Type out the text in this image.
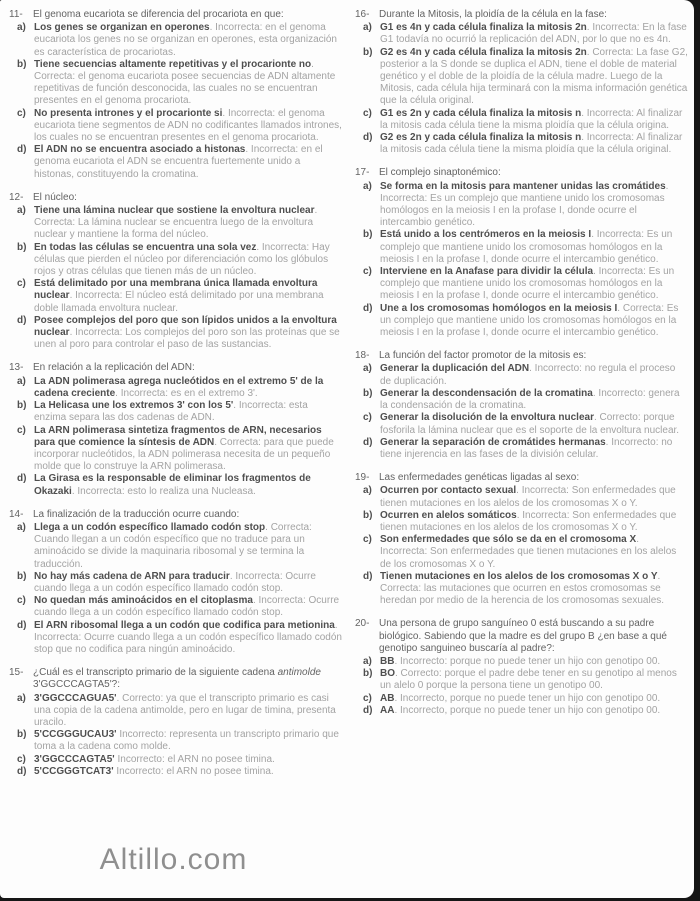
11-	El genoma eucariota se diferencia del procariota en que:
a) Los genes se organizan en operones. Incorrecta: en el genoma eucariota los genes no se organizan en operones, esta organización es característica de procariotas.
b) Tiene secuencias altamente repetitivas y el procarionte no. Correcta: el genoma eucariota posee secuencias de ADN altamente repetitivas de función desconocida, las cuales no se encuentran presentes en el genoma procariota.
c) No presenta intrones y el procarionte si. Incorrecta: el genoma eucariota tiene segmentos de ADN no codificantes llamados intrones, los cuales no se encuentran presentes en el genoma procariota.
d) El ADN no se encuentra asociado a histonas. Incorrecta: en el genoma eucariota el ADN se encuentra fuertemente unido a histonas, constituyendo la cromatina.
12- El núcleo:
a) Tiene una lámina nuclear que sostiene la envoltura nuclear. Correcta: La lámina nuclear se encuentra luego de la envoltura nuclear y mantiene la forma del núcleo.
b) En todas las células se encuentra una sola vez. Incorrecta: Hay células que pierden el núcleo por diferenciación como los glóbulos rojos y otras células que tienen más de un núcleo.
c) Está delimitado por una membrana única llamada envoltura nuclear. Incorrecta: El núcleo está delimitado por una membrana doble llamada envoltura nuclear.
d) Posee complejos del poro que son lípidos unidos a la envoltura nuclear. Incorrecta: Los complejos del poro son las proteínas que se unen al poro para controlar el paso de las sustancias.
13- En relación a la replicación del ADN:
a) La ADN polimerasa agrega nucleótidos en el extremo 5' de la cadena creciente. Incorrecta: es en el extremo 3'.
b) La Helicasa une los extremos 3' con los 5'. Incorrecta: esta enzima separa las dos cadenas de ADN.
c) La ARN polimerasa sintetiza fragmentos de ARN, necesarios para que comience la síntesis de ADN. Correcta: para que puede incorporar nucleótidos, la ADN polimerasa necesita de un pequeño molde que lo construye la ARN polimerasa.
d) La Girasa es la responsable de eliminar los fragmentos de Okazaki. Incorrecta: esto lo realiza una Nucleasa.
14- La finalización de la traducción ocurre cuando:
a) Llega a un codón específico llamado codón stop. Correcta: Cuando llegan a un codón específico que no traduce para un aminoácido se divide la maquinaria ribosomal y se termina la traducción.
b) No hay más cadena de ARN para traducir. Incorrecta: Ocurre cuando llega a un codón específico llamado codón stop.
c) No quedan más aminoácidos en el citoplasma. Incorrecta: Ocurre cuando llega a un codón específico llamado codón stop.
d) El ARN ribosomal llega a un codón que codifica para metionina. Incorrecta: Ocurre cuando llega a un codón específico llamado codón stop que no codifica para ningún aminoácido.
15- ¿Cuál es el transcripto primario de la siguiente cadena antimolde 3'GGCCCAGTA5'?:
a) 3'GGCCCAGUA5'. Correcto: ya que el transcripto primario es casi una copia de la cadena antimolde, pero en lugar de timina, presenta uracilo.
b) 5'CCGGGUCAU3' Incorrecto: representa un transcripto primario que toma a la cadena como molde.
c) 3'GGCCCAGTA5' Incorrecto: el ARN no posee timina.
d) 5'CCGGGTCAT3' Incorrecto: el ARN no posee timina.
16- Durante la Mitosis, la ploidía de la célula en la fase:
a) G1 es 4n y cada célula finaliza la mitosis 2n. Incorrecta: En la fase G1 todavía no ocurrió la replicación del ADN, por lo que no es 4n.
b) G2 es 4n y cada célula finaliza la mitosis 2n. Correcta: La fase G2, posterior a la S donde se duplica el ADN, tiene el doble de material genético y el doble de la ploidía de la célula madre. Luego de la Mitosis, cada célula hija terminará con la misma información genética que la célula original.
c) G1 es 2n y cada célula finaliza la mitosis n. Incorrecta: Al finalizar la mitosis cada célula tiene la misma ploidía que la célula origina.
d) G2 es 2n y cada célula finaliza la mitosis n. Incorrecta: Al finalizar la mitosis cada célula tiene la misma ploidía que la célula original.
17- El complejo sinaptonémico:
a) Se forma en la mitosis para mantener unidas las cromátides. Incorrecta: Es un complejo que mantiene unido los cromosomas homólogos en la meiosis I en la profase I, donde ocurre el intercambio genético.
b) Está unido a los centrómeros en la meiosis I. Incorrecta: Es un complejo que mantiene unido los cromosomas homólogos en la meiosis I en la profase I, donde ocurre el intercambio genético.
c) Interviene en la Anafase para dividir la célula. Incorrecta: Es un complejo que mantiene unido los cromosomas homólogos en la meiosis I en la profase I, donde ocurre el intercambio genético.
d) Une a los cromosomas homólogos en la meiosis I. Correcta: Es un complejo que mantiene unido los cromosomas homólogos en la meiosis I en la profase I, donde ocurre el intercambio genético.
18- La función del factor promotor de la mitosis es:
a) Generar la duplicación del ADN. Incorrecto: no regula el proceso de duplicación.
b) Generar la descondensación de la cromatina. Incorrecto: genera la condensación de la cromatina.
c) Generar la disolución de la envoltura nuclear. Correcto: porque fosforila la lámina nuclear que es el soporte de la envoltura nuclear.
d) Generar la separación de cromátides hermanas. Incorrecto: no tiene injerencia en las fases de la división celular.
19- Las enfermedades genéticas ligadas al sexo:
a) Ocurren por contacto sexual. Incorrecta: Son enfermedades que tienen mutaciones en los alelos de los cromosomas X o Y.
b) Ocurren en alelos somáticos. Incorrecta: Son enfermedades que tienen mutaciones en los alelos de los cromosomas X o Y.
c) Son enfermedades que sólo se da en el cromosoma X. Incorrecta: Son enfermedades que tienen mutaciones en los alelos de los cromosomas X o Y.
d) Tienen mutaciones en los alelos de los cromosomas X o Y. Correcta: las mutaciones que ocurren en estos cromosomas se heredan por medio de la herencia de los cromosomas sexuales.
20- Una persona de grupo sanguíneo 0 está buscando a su padre biológico. Sabiendo que la madre es del grupo B ¿en base a qué genotipo sanguineo buscaría al padre?:
a) BB. Incorrecto: porque no puede tener un hijo con genotipo 00.
b) BO. Correcto: porque el padre debe tener en su genotipo al menos un alelo 0 porque la persona tiene un genotipo 00.
c) AB. Incorrecto, porque no puede tener un hijo con genotipo 00.
d) AA. Incorrecto, porque no puede tener un hijo con genotipo 00.
Altillo.com
